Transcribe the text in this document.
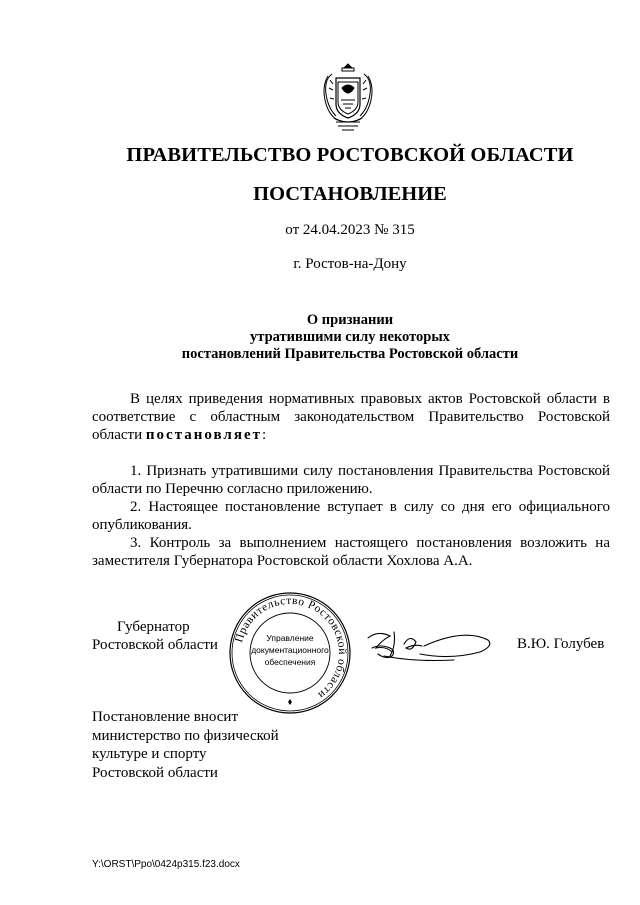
ПРАВИТЕЛЬСТВО РОСТОВСКОЙ ОБЛАСТИ
ПОСТАНОВЛЕНИЕ
от 24.04.2023 № 315
г. Ростов-на-Дону
О признании
утратившими силу некоторых
постановлений Правительства Ростовской области
В целях приведения нормативных правовых актов Ростовской области в соответствие с областным законодательством Правительство Ростовской области постановляет:
1. Признать утратившими силу постановления Правительства Ростовской области по Перечню согласно приложению.
2. Настоящее постановление вступает в силу со дня его официального опубликования.
3. Контроль за выполнением настоящего постановления возложить на заместителя Губернатора Ростовской области Хохлова А.А.
Губернатор
Ростовской области Правительство Ростовской области
Управление
документационного
обеспечения
В.Ю. Голубев
Постановление вносит
министерство по физической
культуре и спорту
Ростовской области
Y:\ORST\Ppo\0424p315.f23.docx
